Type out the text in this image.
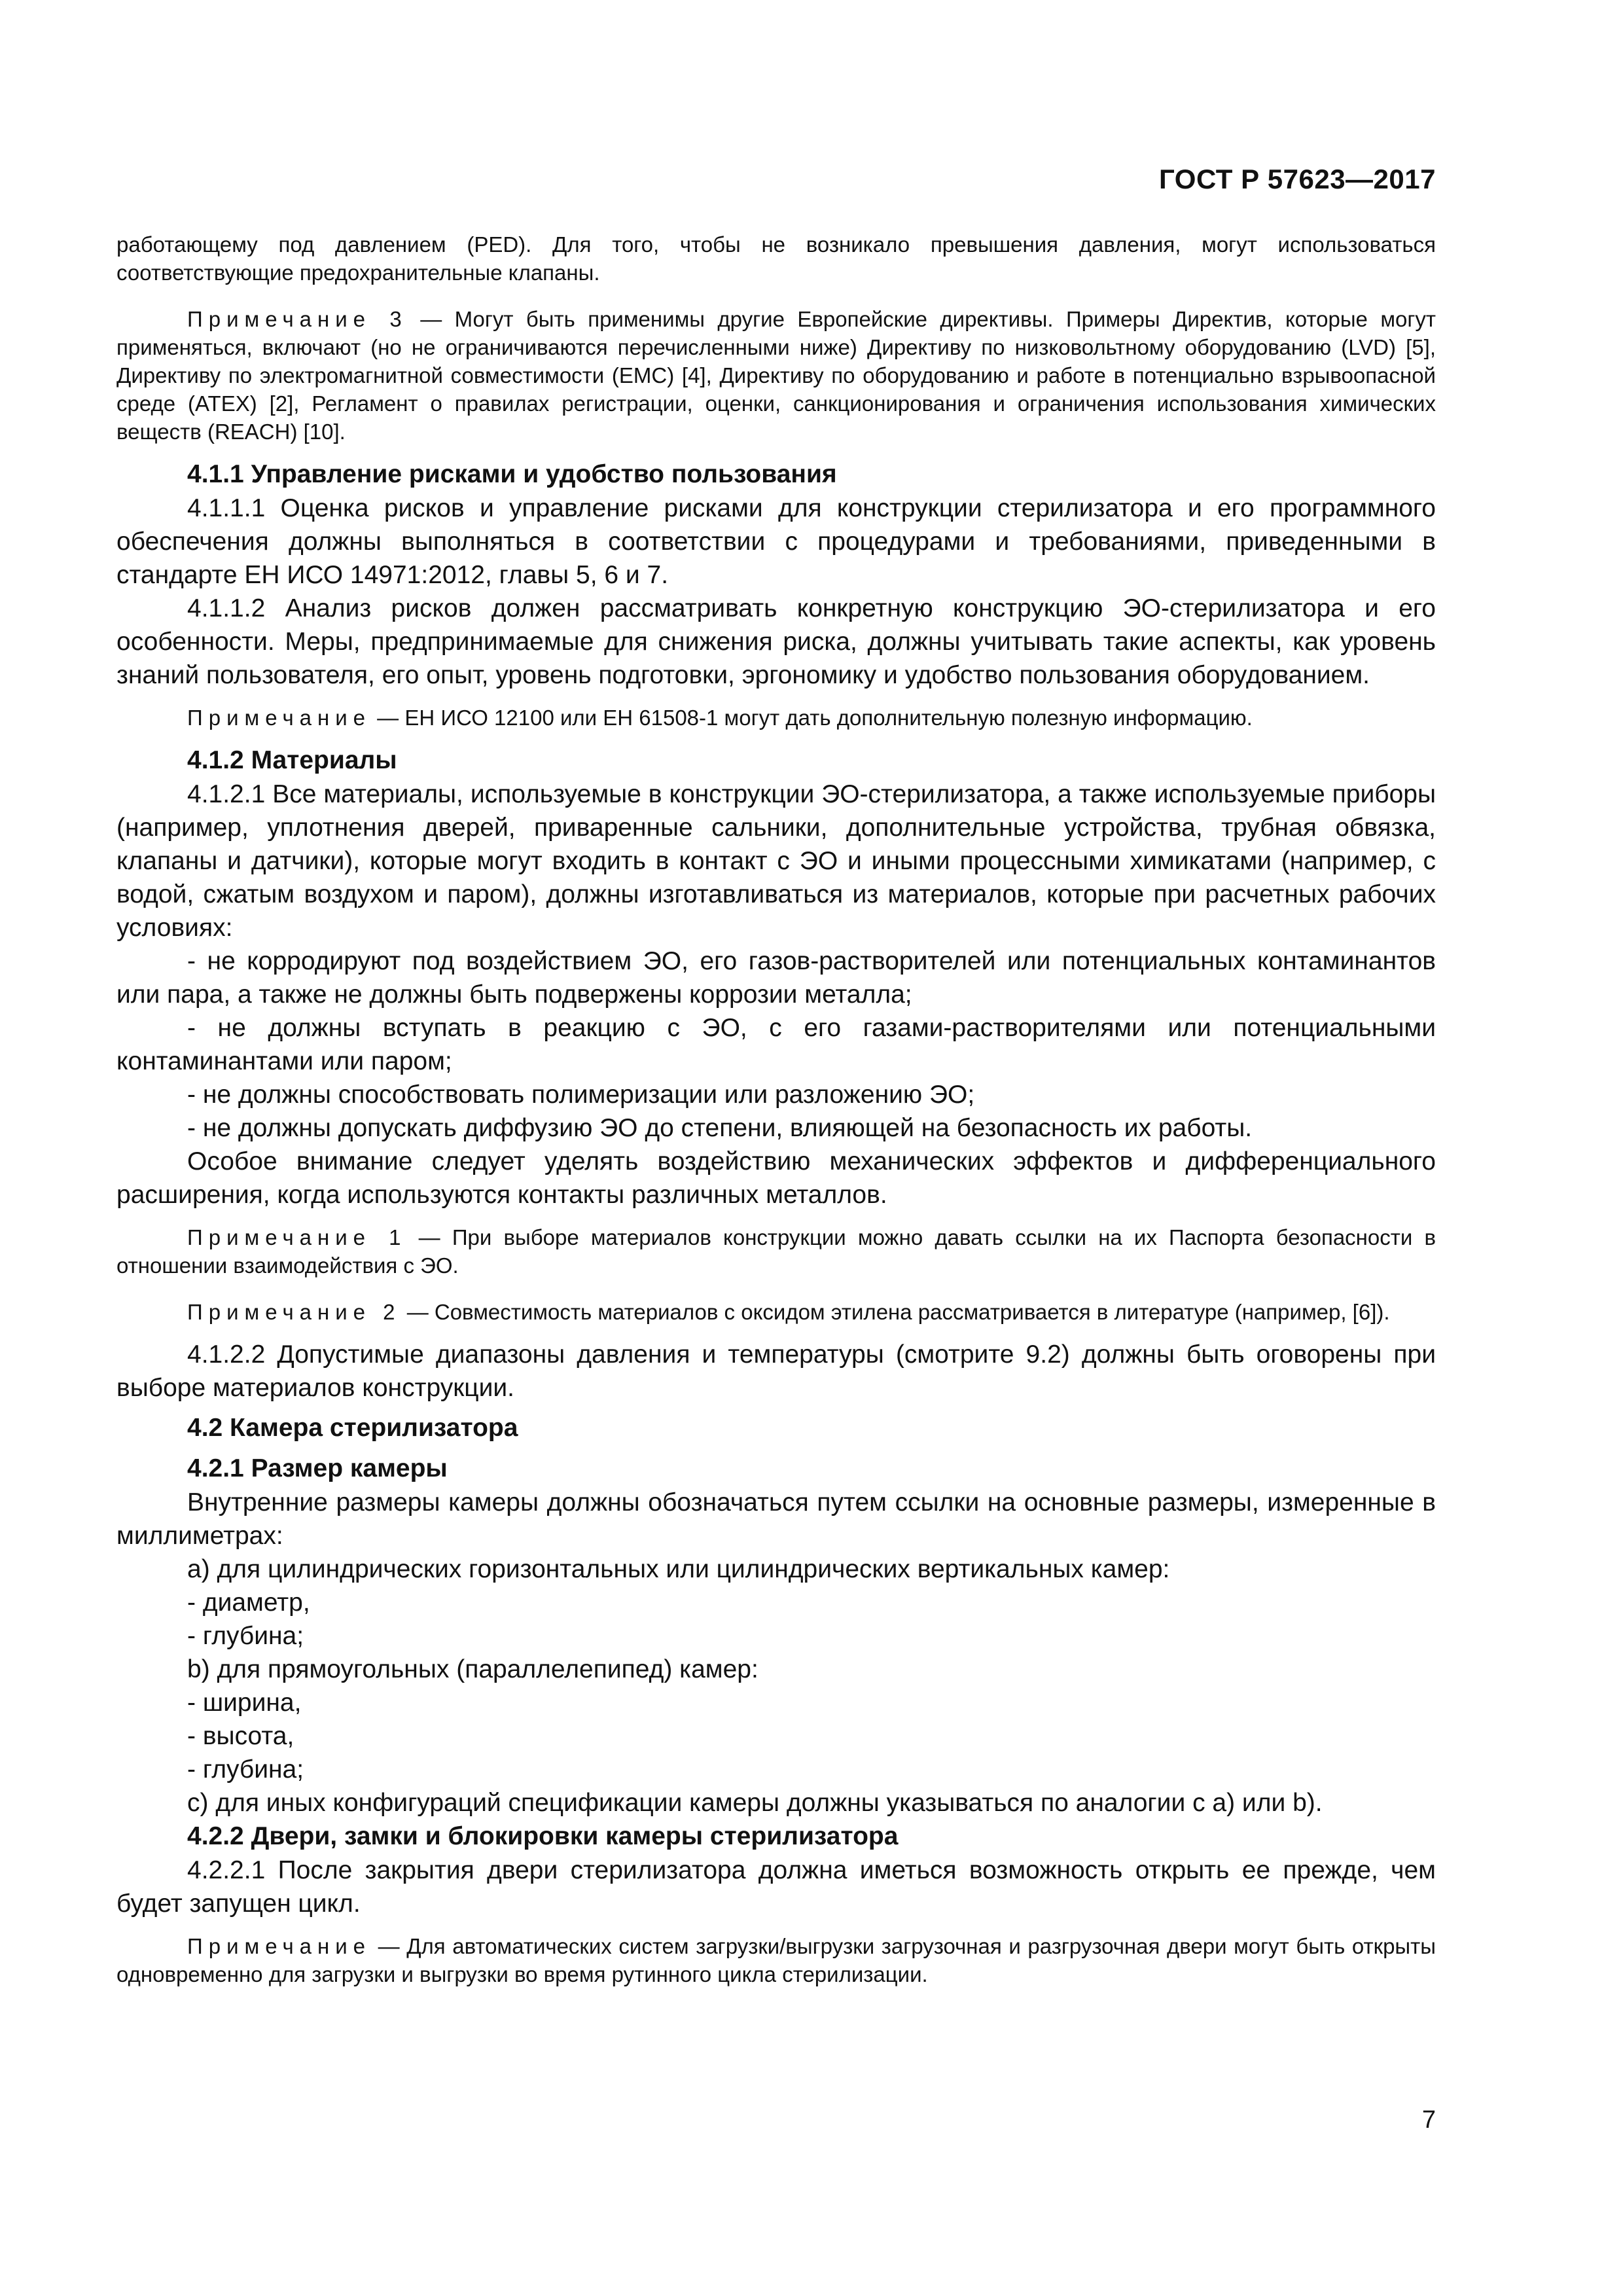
ГОСТ Р 57623—2017

работающему под давлением (PED). Для того, чтобы не возникало превышения давления, могут использоваться соответствующие предохранительные клапаны.

Примечание 3 — Могут быть применимы другие Европейские директивы. Примеры Директив, которые могут применяться, включают (но не ограничиваются перечисленными ниже) Директиву по низковольтному оборудованию (LVD) [5], Директиву по электромагнитной совместимости (EMC) [4], Директиву по оборудованию и работе в потенциально взрывоопасной среде (ATEX) [2], Регламент о правилах регистрации, оценки, санкционирования и ограничения использования химических веществ (REACH) [10].

4.1.1 Управление рисками и удобство пользования

4.1.1.1 Оценка рисков и управление рисками для конструкции стерилизатора и его программного обеспечения должны выполняться в соответствии с процедурами и требованиями, приведенными в стандарте ЕН ИСО 14971:2012, главы 5, 6 и 7.

4.1.1.2 Анализ рисков должен рассматривать конкретную конструкцию ЭО-стерилизатора и его особенности. Меры, предпринимаемые для снижения риска, должны учитывать такие аспекты, как уровень знаний пользователя, его опыт, уровень подготовки, эргономику и удобство пользования оборудованием.

Примечание — ЕН ИСО 12100 или ЕН 61508-1 могут дать дополнительную полезную информацию.

4.1.2 Материалы

4.1.2.1 Все материалы, используемые в конструкции ЭО-стерилизатора, а также используемые приборы (например, уплотнения дверей, приваренные сальники, дополнительные устройства, трубная обвязка, клапаны и датчики), которые могут входить в контакт с ЭО и иными процессными химикатами (например, с водой, сжатым воздухом и паром), должны изготавливаться из материалов, которые при расчетных рабочих условиях:

- не корродируют под воздействием ЭО, его газов-растворителей или потенциальных контаминантов или пара, а также не должны быть подвержены коррозии металла;

- не должны вступать в реакцию с ЭО, с его газами-растворителями или потенциальными контаминантами или паром;

- не должны способствовать полимеризации или разложению ЭО;

- не должны допускать диффузию ЭО до степени, влияющей на безопасность их работы.

Особое внимание следует уделять воздействию механических эффектов и дифференциального расширения, когда используются контакты различных металлов.

Примечание 1 — При выборе материалов конструкции можно давать ссылки на их Паспорта безопасности в отношении взаимодействия с ЭО.

Примечание 2 — Совместимость материалов с оксидом этилена рассматривается в литературе (например, [6]).

4.1.2.2 Допустимые диапазоны давления и температуры (смотрите 9.2) должны быть оговорены при выборе материалов конструкции.

4.2 Камера стерилизатора

4.2.1 Размер камеры

Внутренние размеры камеры должны обозначаться путем ссылки на основные размеры, измеренные в миллиметрах:

a) для цилиндрических горизонтальных или цилиндрических вертикальных камер:

- диаметр,

- глубина;

b) для прямоугольных (параллелепипед) камер:

- ширина,

- высота,

- глубина;

c) для иных конфигураций спецификации камеры должны указываться по аналогии с a) или b).

4.2.2 Двери, замки и блокировки камеры стерилизатора

4.2.2.1 После закрытия двери стерилизатора должна иметься возможность открыть ее прежде, чем будет запущен цикл.

Примечание — Для автоматических систем загрузки/выгрузки загрузочная и разгрузочная двери могут быть открыты одновременно для загрузки и выгрузки во время рутинного цикла стерилизации.

7
